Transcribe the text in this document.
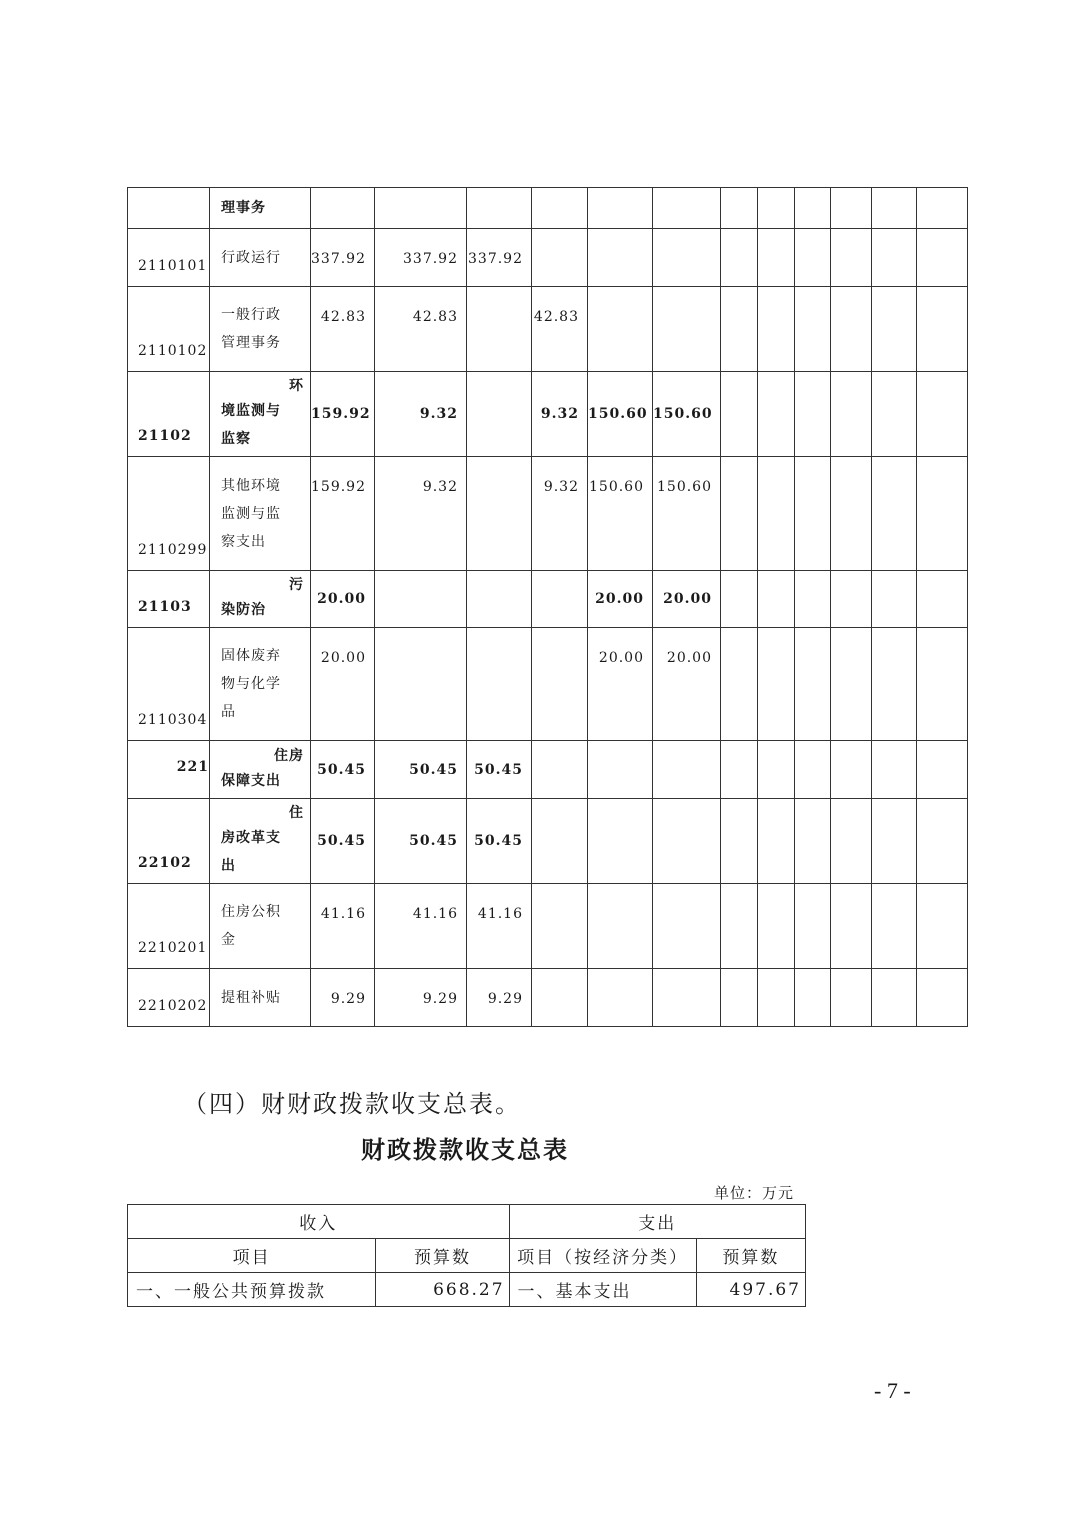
	理事务												

2110101	行政运行	337.92	337.92	337.92									
2110102	一般行政
管理事务	42.83	42.83		42.83								
21102	环
境监测与
监察	159.92	9.32		9.32	150.60	150.60						
2110299	其他环境
监测与监
察支出	159.92	9.32		9.32	150.60	150.60						
21103	污
染防治	20.00				20.00	20.00						
2110304	固体废弃
物与化学
品	20.00				20.00	20.00						
221	住房
保障支出	50.45	50.45	50.45									
22102	住
房改革支
出	50.45	50.45	50.45									
2210201	住房公积
金	41.16	41.16	41.16									
2210202	提租补贴	9.29	9.29	9.29									
（四）财财政拨款收支总表。
财政拨款收支总表
单位：万元
收入		支出	
项目	预算数	项目（按经济分类）	预算数
一、一般公共预算拨款	668.27	一、基本支出	497.67
- 7 -
